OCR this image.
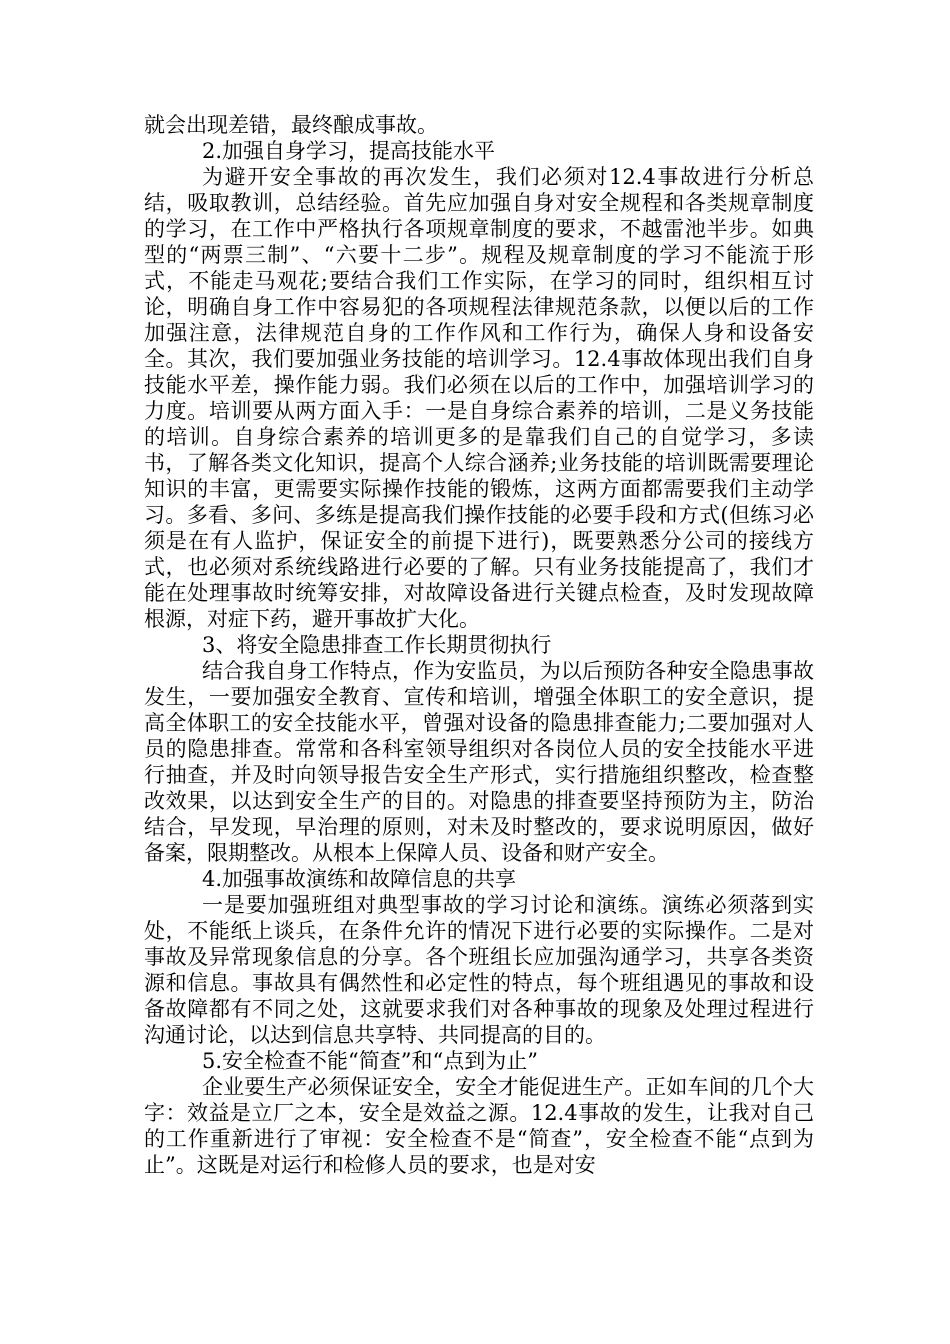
就会出现差错，最终酿成事故。

2.加强自身学习，提高技能水平

为避开安全事故的再次发生，我们必须对12.4事故进行分析总结，吸取教训，总结经验。首先应加强自身对安全规程和各类规章制度的学习，在工作中严格执行各项规章制度的要求，不越雷池半步。如典型的“两票三制”、“六要十二步”。规程及规章制度的学习不能流于形式，不能走马观花;要结合我们工作实际，在学习的同时，组织相互讨论，明确自身工作中容易犯的各项规程法律规范条款，以便以后的工作加强注意，法律规范自身的工作作风和工作行为，确保人身和设备安全。其次，我们要加强业务技能的培训学习。12.4事故体现出我们自身技能水平差，操作能力弱。我们必须在以后的工作中，加强培训学习的力度。培训要从两方面入手：一是自身综合素养的培训，二是义务技能的培训。自身综合素养的培训更多的是靠我们自己的自觉学习，多读书，了解各类文化知识，提高个人综合涵养;业务技能的培训既需要理论知识的丰富，更需要实际操作技能的锻炼，这两方面都需要我们主动学习。多看、多问、多练是提高我们操作技能的必要手段和方式(但练习必须是在有人监护，保证安全的前提下进行)，既要熟悉分公司的接线方式，也必须对系统线路进行必要的了解。只有业务技能提高了，我们才能在处理事故时统筹安排，对故障设备进行关键点检查，及时发现故障根源，对症下药，避开事故扩大化。

3、将安全隐患排查工作长期贯彻执行

结合我自身工作特点，作为安监员，为以后预防各种安全隐患事故发生，一要加强安全教育、宣传和培训，增强全体职工的安全意识，提高全体职工的安全技能水平，曾强对设备的隐患排查能力;二要加强对人员的隐患排查。常常和各科室领导组织对各岗位人员的安全技能水平进行抽查，并及时向领导报告安全生产形式，实行措施组织整改，检查整改效果，以达到安全生产的目的。对隐患的排查要坚持预防为主，防治结合，早发现，早治理的原则，对未及时整改的，要求说明原因，做好备案，限期整改。从根本上保障人员、设备和财产安全。

4.加强事故演练和故障信息的共享

一是要加强班组对典型事故的学习讨论和演练。演练必须落到实处，不能纸上谈兵，在条件允许的情况下进行必要的实际操作。二是对事故及异常现象信息的分享。各个班组长应加强沟通学习，共享各类资源和信息。事故具有偶然性和必定性的特点，每个班组遇见的事故和设备故障都有不同之处，这就要求我们对各种事故的现象及处理过程进行沟通讨论，以达到信息共享特、共同提高的目的。

5.安全检查不能“简查”和“点到为止”

企业要生产必须保证安全，安全才能促进生产。正如车间的几个大字：效益是立厂之本，安全是效益之源。12.4事故的发生，让我对自己的工作重新进行了审视：安全检查不是“简查”，安全检查不能“点到为止”。这既是对运行和检修人员的要求，也是对安
